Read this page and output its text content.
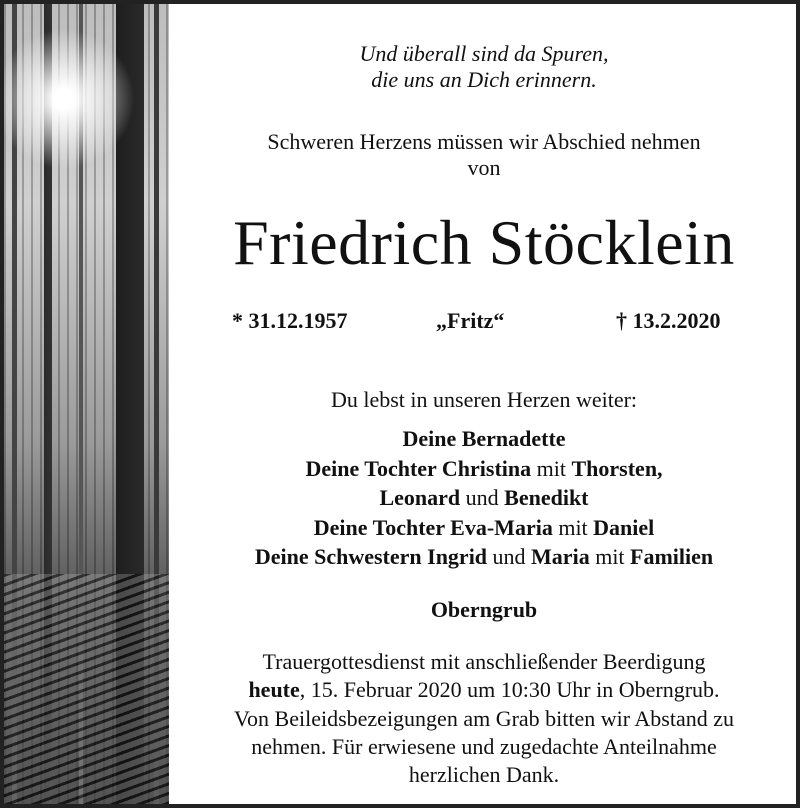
Und überall sind da Spuren,
die uns an Dich erinnern.
Schweren Herzens müssen wir Abschied nehmen
von
Friedrich Stöcklein
* 31.12.1957	„Fritz“	† 13.2.2020
Du lebst in unseren Herzen weiter:
Deine Bernadette
Deine Tochter Christina mit Thorsten,
Leonard und Benedikt
Deine Tochter Eva-Maria mit Daniel
Deine Schwestern Ingrid und Maria mit Familien
Oberngrub
Trauergottesdienst mit anschließender Beerdigung
heute, 15. Februar 2020 um 10:30 Uhr in Oberngrub.
Von Beileidsbezeigungen am Grab bitten wir Abstand zu
nehmen. Für erwiesene und zugedachte Anteilnahme
herzlichen Dank.
